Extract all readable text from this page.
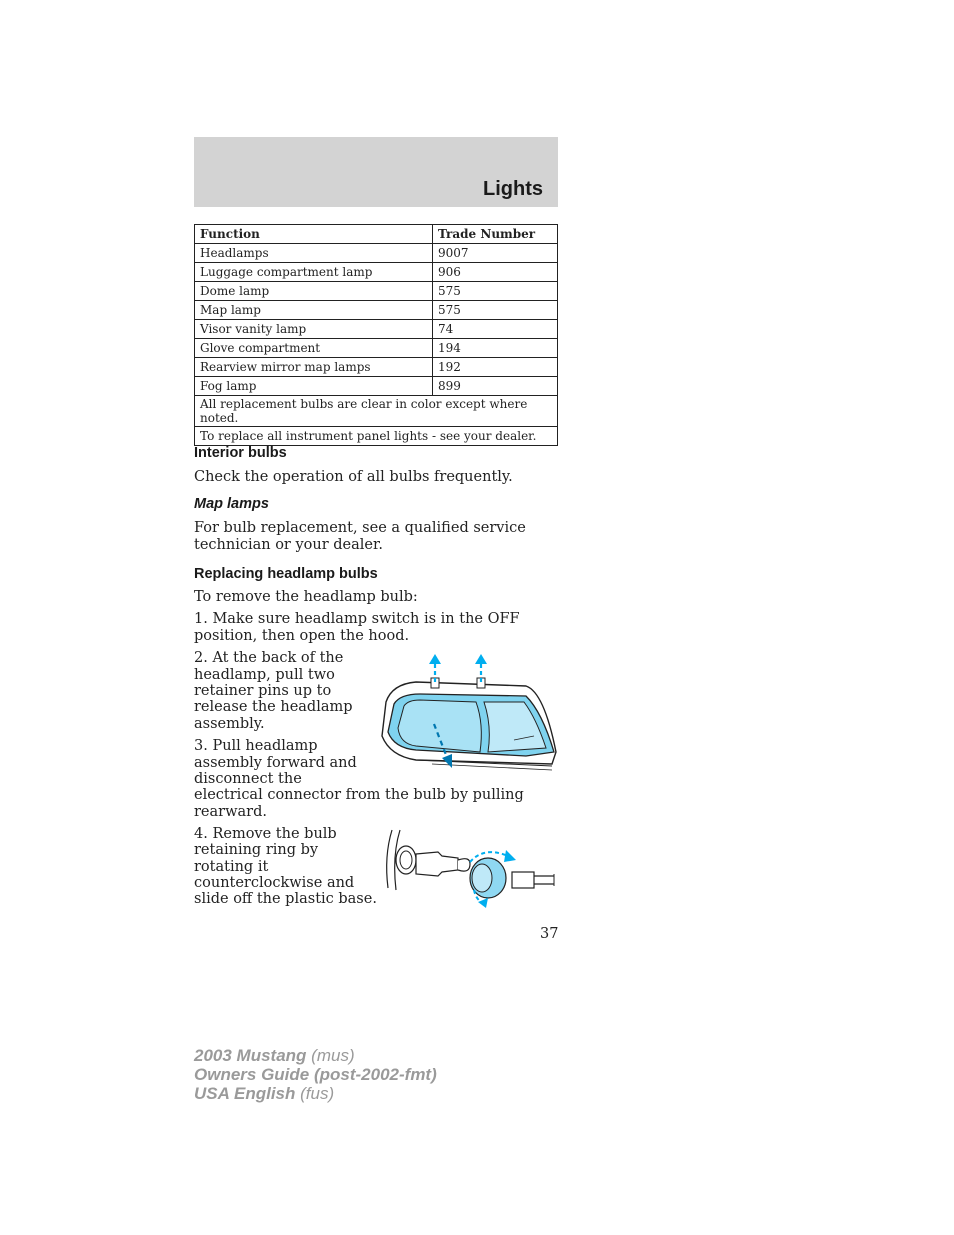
Lights
Function	Trade Number
Headlamps	9007
Luggage compartment lamp	906
Dome lamp	575
Map lamp	575
Visor vanity lamp	74
Glove compartment	194
Rearview mirror map lamps	192
Fog lamp	899
All replacement bulbs are clear in color except where noted.	
To replace all instrument panel lights - see your dealer.	
Interior bulbs
Check the operation of all bulbs frequently.
Map lamps
For bulb replacement, see a qualified service
technician or your dealer.
Replacing headlamp bulbs
To remove the headlamp bulb:
1. Make sure headlamp switch is in the OFF
position, then open the hood.
2. At the back of the
headlamp, pull two
retainer pins up to
release the headlamp
assembly.
3. Pull headlamp
assembly forward and
disconnect the
electrical connector from the bulb by pulling
rearward.
4. Remove the bulb
retaining ring by
rotating it
counterclockwise and
slide off the plastic base.
37
2003 Mustang (mus)
Owners Guide (post-2002-fmt)
USA English (fus)
